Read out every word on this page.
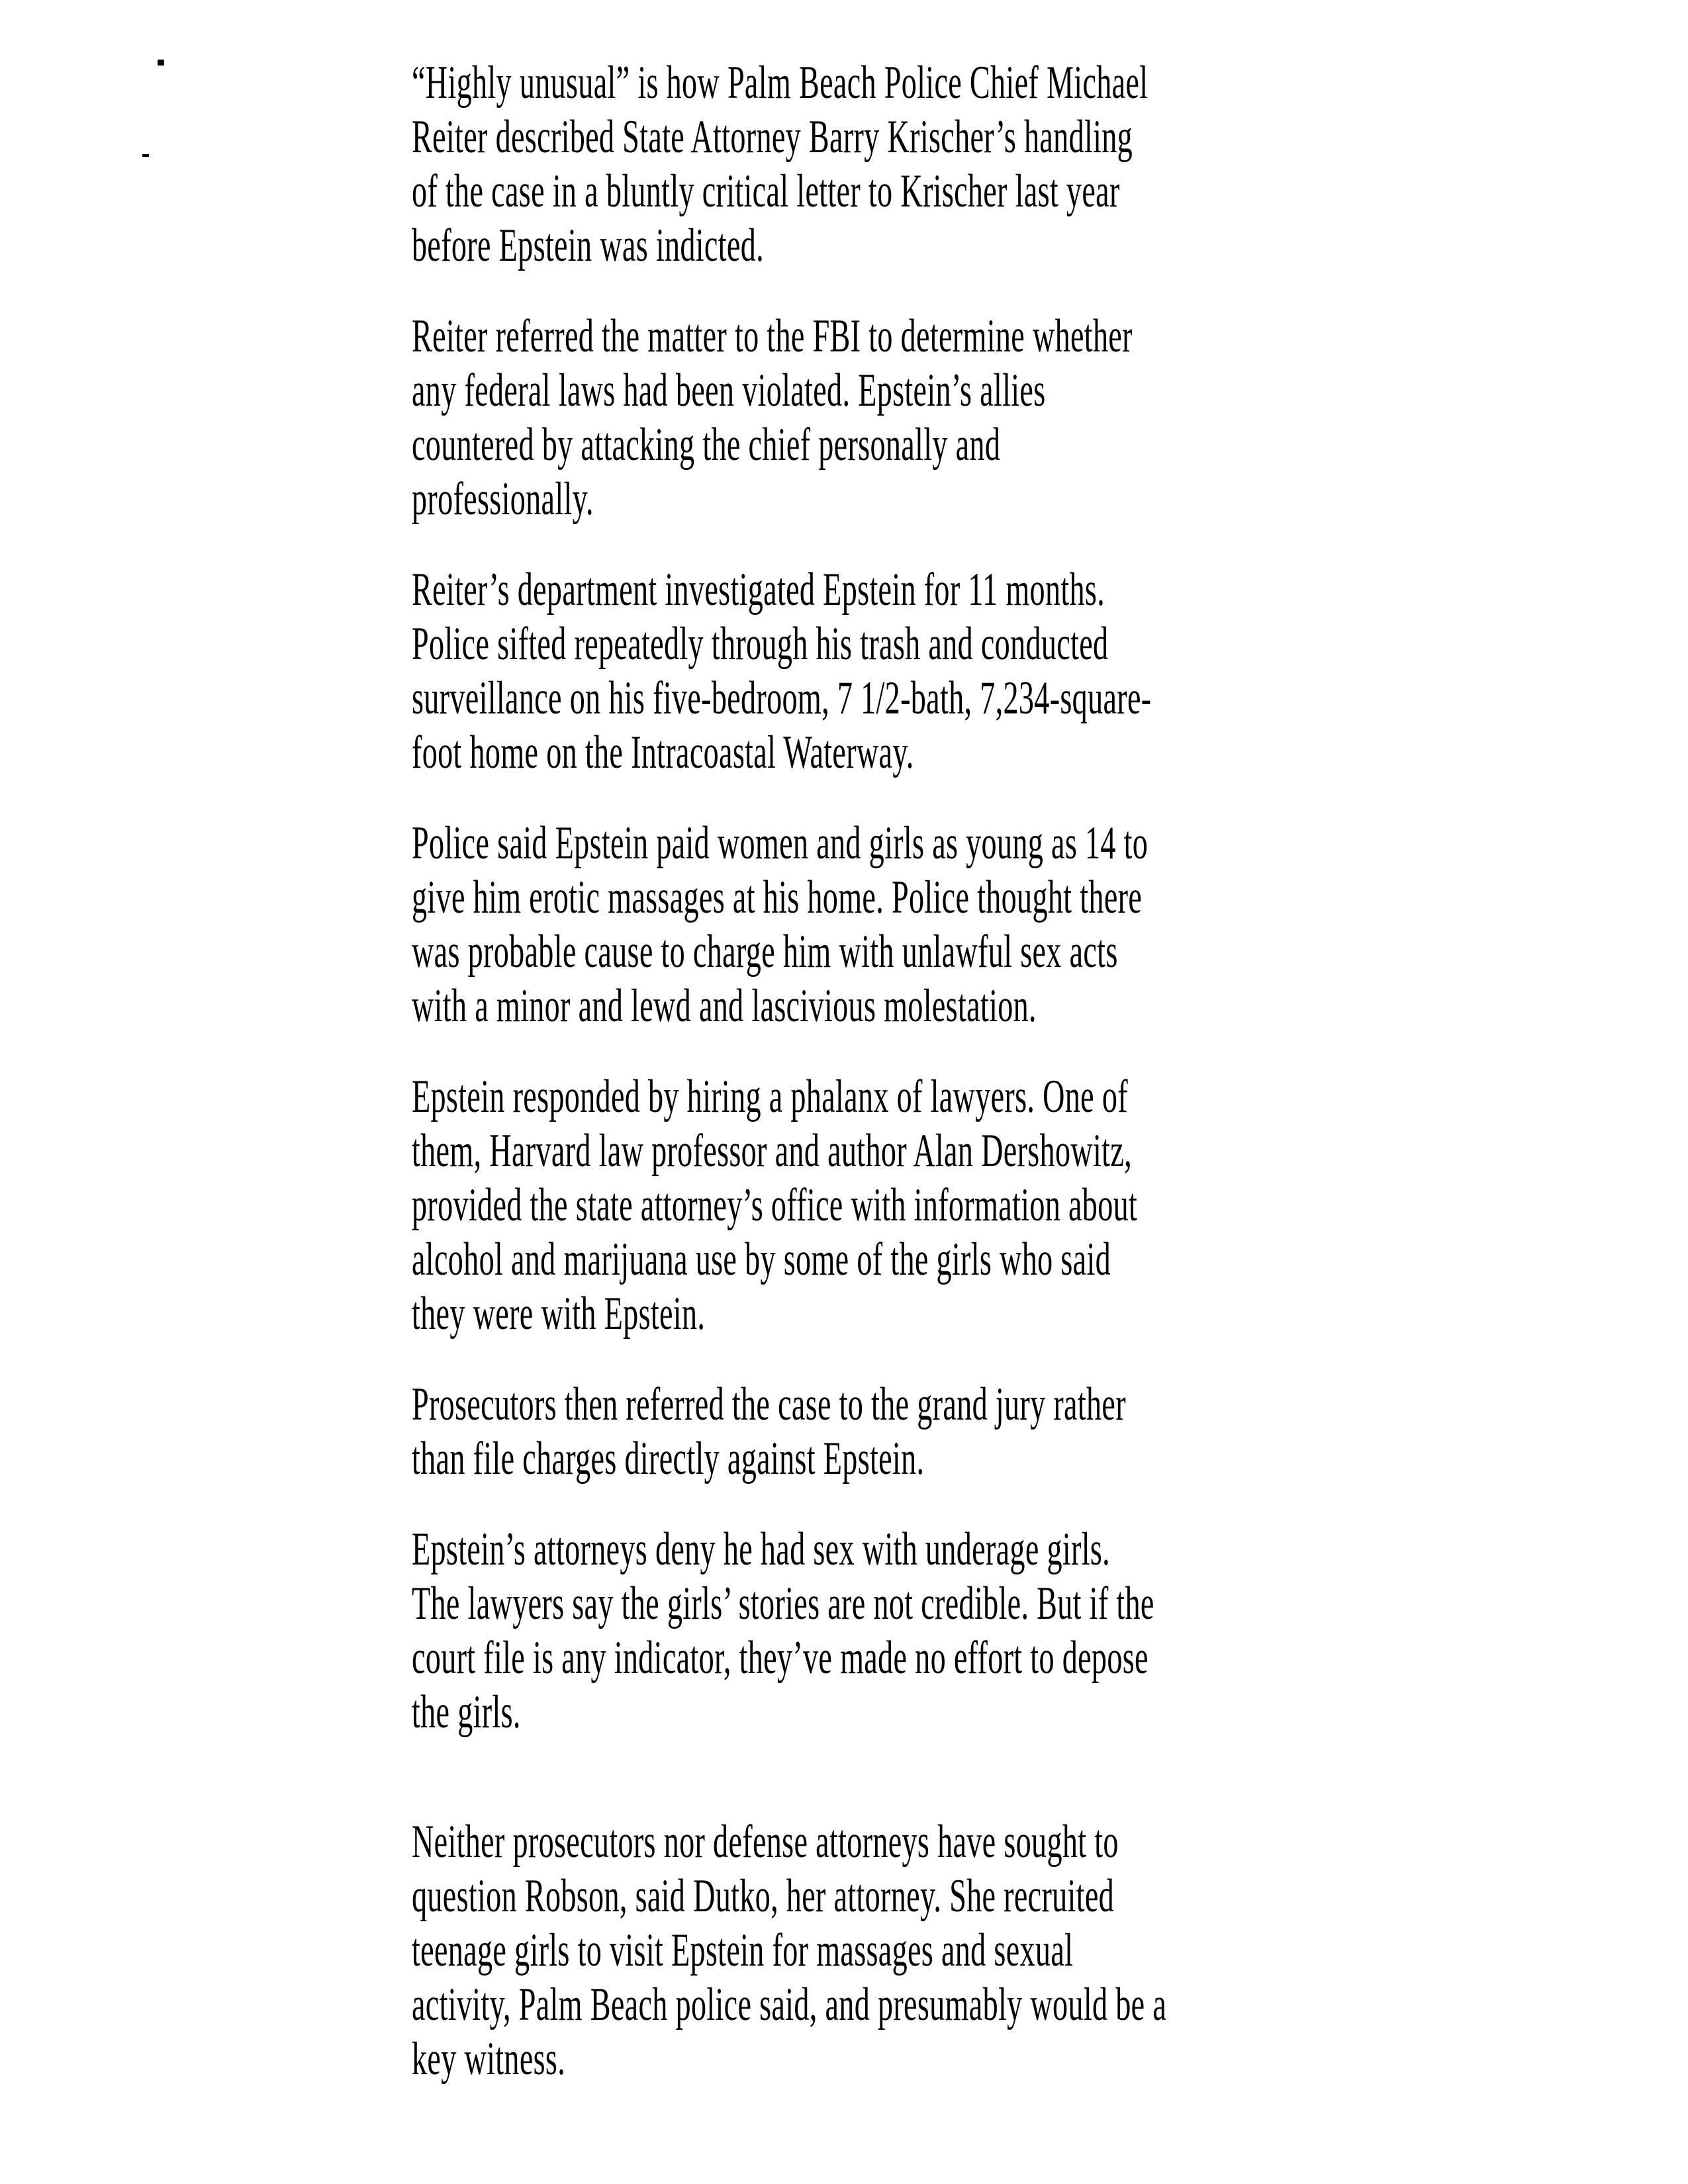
“Highly unusual” is how Palm Beach Police Chief Michael
Reiter described State Attorney Barry Krischer’s handling
of the case in a bluntly critical letter to Krischer last year
before Epstein was indicted.
Reiter referred the matter to the FBI to determine whether
any federal laws had been violated. Epstein’s allies
countered by attacking the chief personally and
professionally.
Reiter’s department investigated Epstein for 11 months.
Police sifted repeatedly through his trash and conducted
surveillance on his five-bedroom, 7 1/2-bath, 7,234-square-
foot home on the Intracoastal Waterway.
Police said Epstein paid women and girls as young as 14 to
give him erotic massages at his home. Police thought there
was probable cause to charge him with unlawful sex acts
with a minor and lewd and lascivious molestation.
Epstein responded by hiring a phalanx of lawyers. One of
them, Harvard law professor and author Alan Dershowitz,
provided the state attorney’s office with information about
alcohol and marijuana use by some of the girls who said
they were with Epstein.
Prosecutors then referred the case to the grand jury rather
than file charges directly against Epstein.
Epstein’s attorneys deny he had sex with underage girls.
The lawyers say the girls’ stories are not credible. But if the
court file is any indicator, they’ve made no effort to depose
the girls.
Neither prosecutors nor defense attorneys have sought to
question Robson, said Dutko, her attorney. She recruited
teenage girls to visit Epstein for massages and sexual
activity, Palm Beach police said, and presumably would be a
key witness.
